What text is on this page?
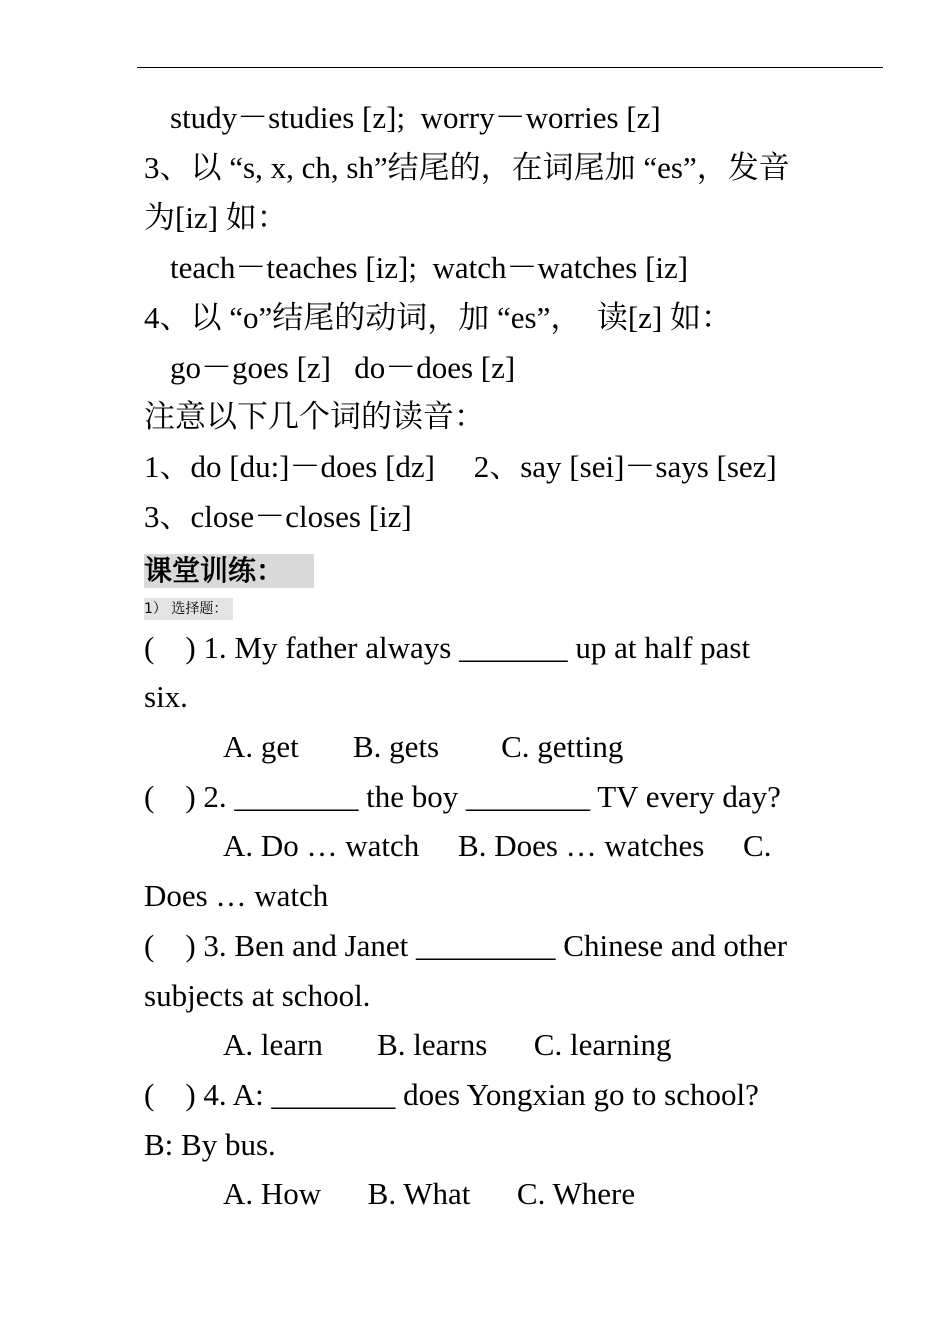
study－studies [z];  worry－worries [z]
3、以 “s, x, ch, sh”结尾的，在词尾加 “es”，发音
为[iz] 如：
teach－teaches [iz];  watch－watches [iz]
4、以 “o”结尾的动词，加 “es”，  读[z] 如：
go－goes [z]   do－does [z]
注意以下几个词的读音：
1、do [du:]－does [dz]     2、say [sei]－says [sez]
3、close－closes [iz]
课堂训练：
1） 选择题：
(    ) 1. My father always _______ up at half past
six.
A. get       B. gets        C. getting
(    ) 2. ________ the boy ________ TV every day?
A. Do … watch     B. Does … watches     C.
Does … watch
(    ) 3. Ben and Janet _________ Chinese and other
subjects at school.
A. learn       B. learns      C. learning
(    ) 4. A: ________ does Yongxian go to school?
B: By bus.
A. How      B. What      C. Where
